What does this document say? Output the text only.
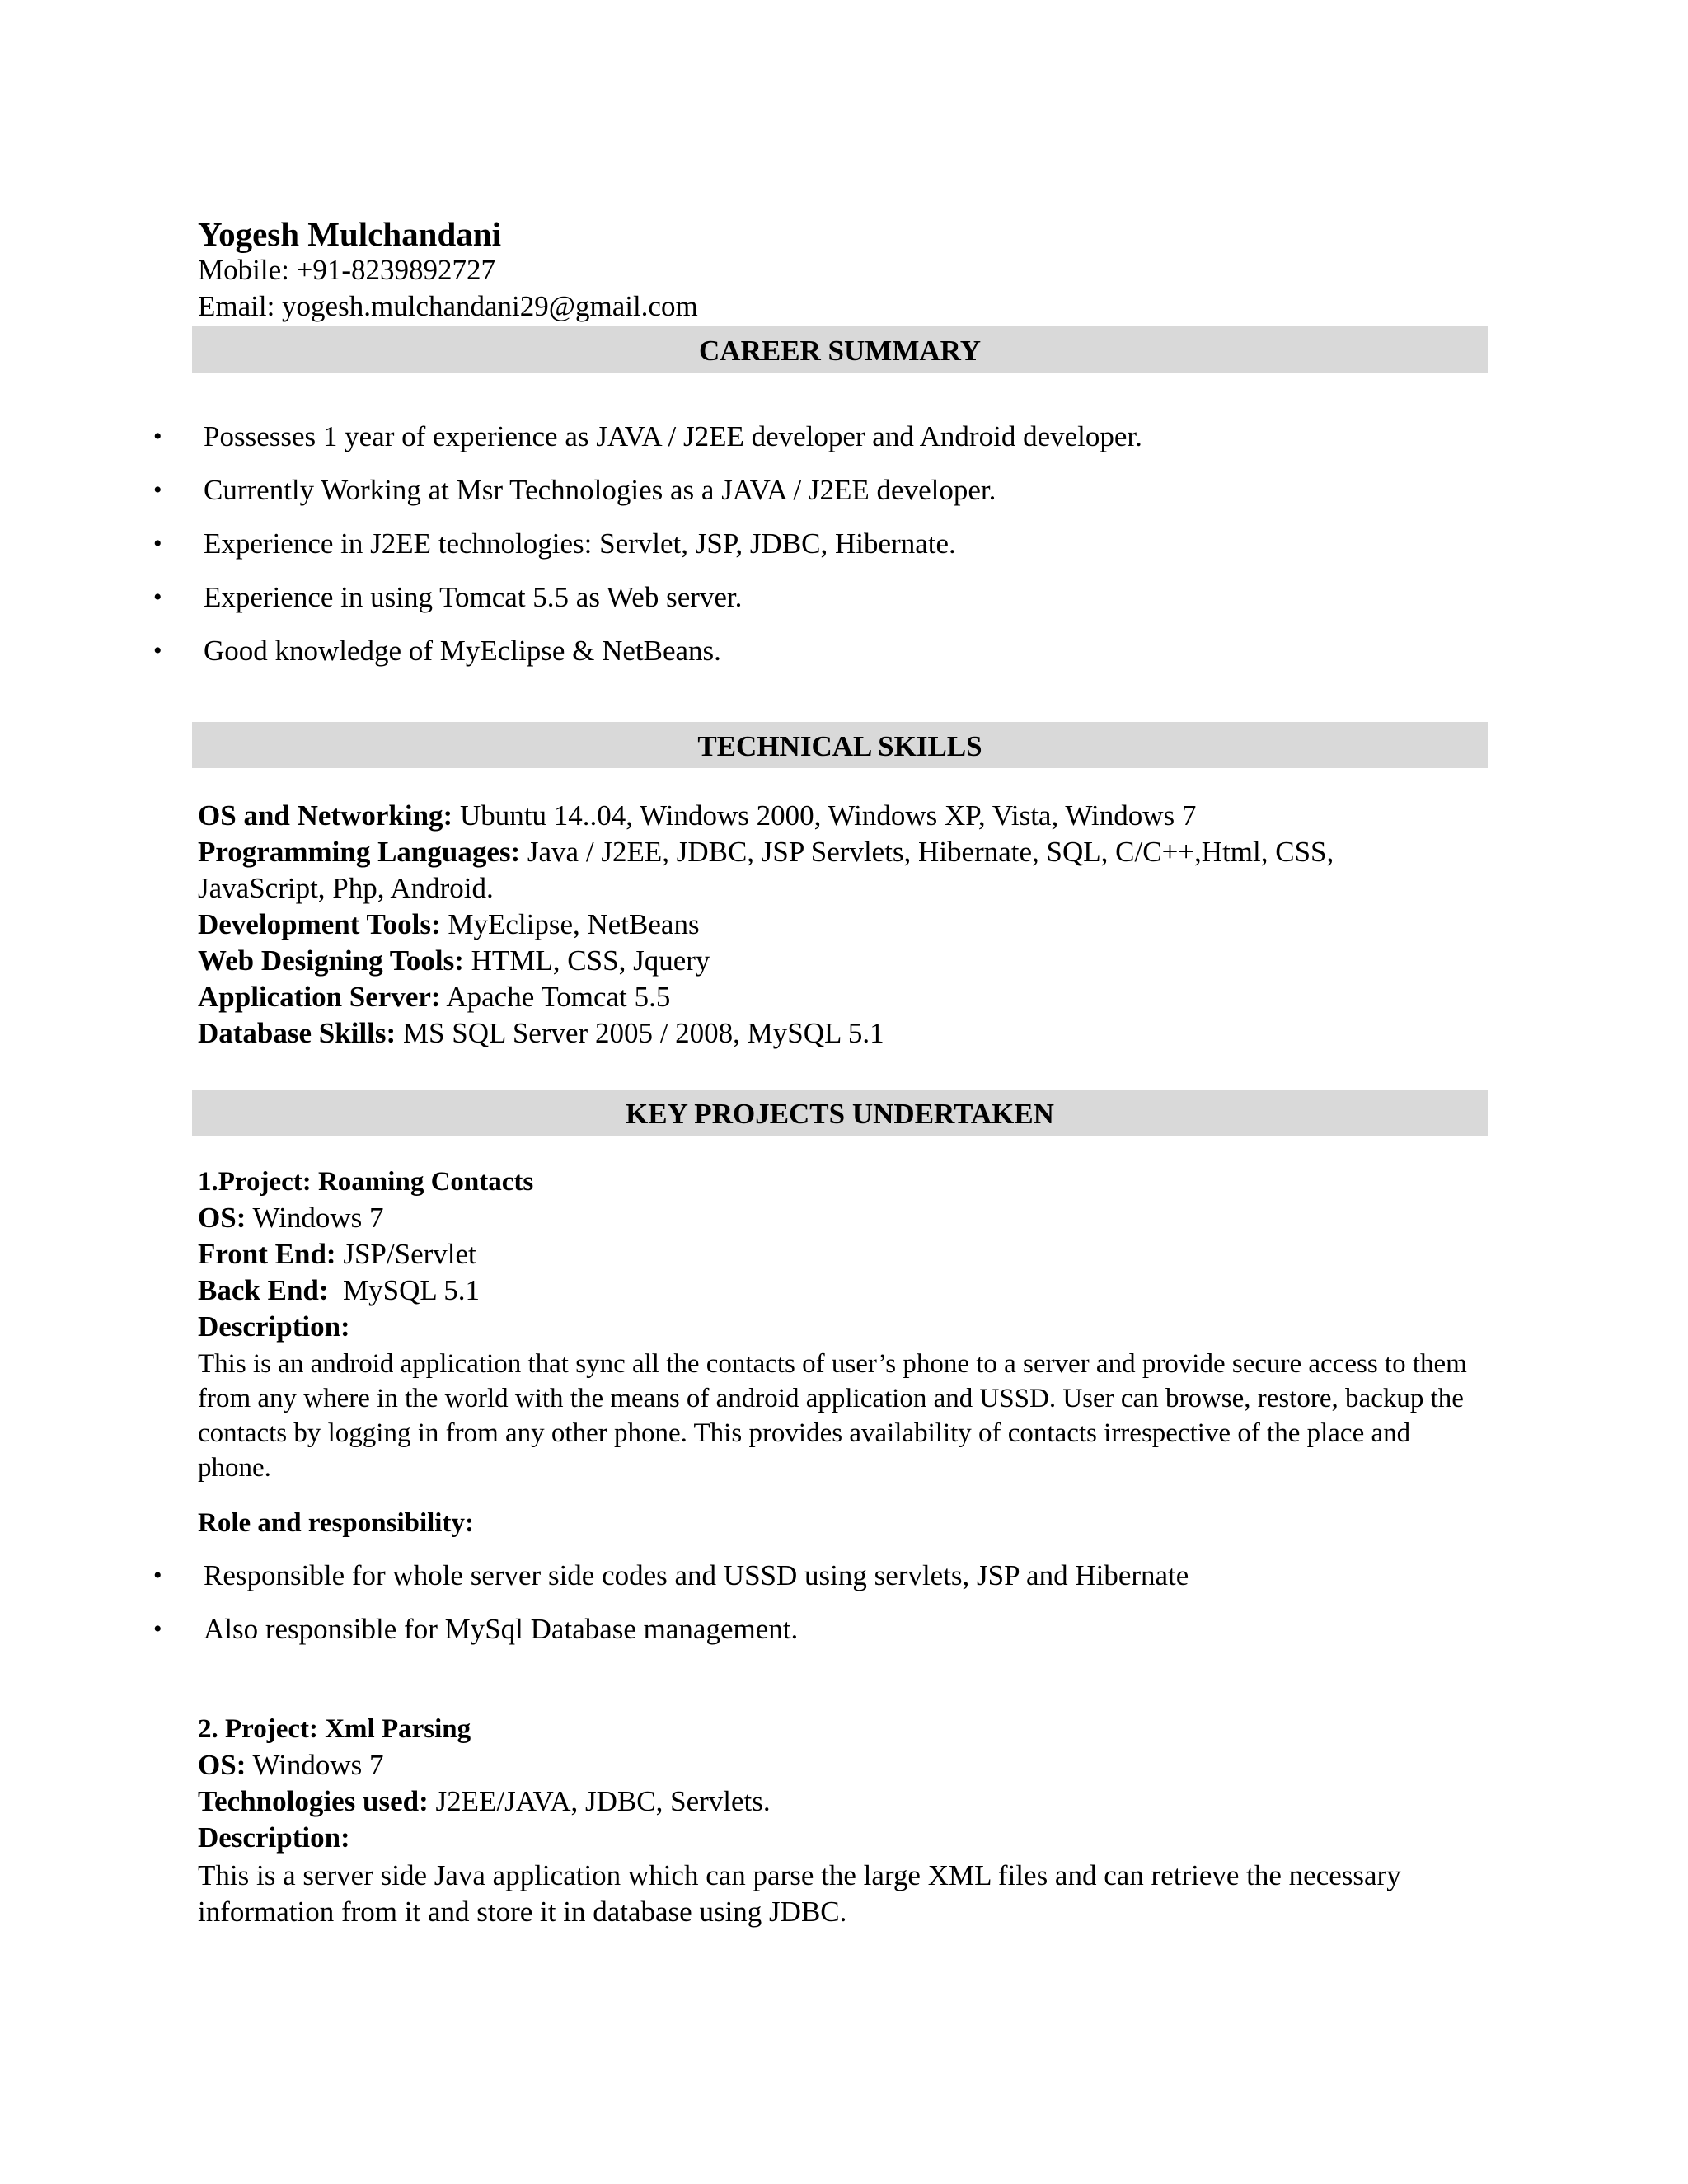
Yogesh Mulchandani
Mobile: +91-8239892727
Email: yogesh.mulchandani29@gmail.com
CAREER SUMMARY
• Possesses 1 year of experience as JAVA / J2EE developer and Android developer.
• Currently Working at Msr Technologies as a JAVA / J2EE developer.
• Experience in J2EE technologies: Servlet, JSP, JDBC, Hibernate.
• Experience in using Tomcat 5.5 as Web server.
• Good knowledge of MyEclipse & NetBeans.
TECHNICAL SKILLS
OS and Networking: Ubuntu 14..04, Windows 2000, Windows XP, Vista, Windows 7
Programming Languages: Java / J2EE, JDBC, JSP Servlets, Hibernate, SQL, C/C++,Html, CSS,
JavaScript, Php, Android.
Development Tools: MyEclipse, NetBeans
Web Designing Tools: HTML, CSS, Jquery
Application Server: Apache Tomcat 5.5
Database Skills: MS SQL Server 2005 / 2008, MySQL 5.1
KEY PROJECTS UNDERTAKEN
1.Project: Roaming Contacts
OS: Windows 7
Front End: JSP/Servlet
Back End:  MySQL 5.1
Description:
This is an android application that sync all the contacts of user’s phone to a server and provide secure access to them from any where in the world with the means of android application and USSD. User can browse, restore, backup the contacts by logging in from any other phone. This provides availability of contacts irrespective of the place and phone.
Role and responsibility:
• Responsible for whole server side codes and USSD using servlets, JSP and Hibernate
• Also responsible for MySql Database management.
2. Project: Xml Parsing
OS: Windows 7
Technologies used: J2EE/JAVA, JDBC, Servlets.
Description:
This is a server side Java application which can parse the large XML files and can retrieve the necessary information from it and store it in database using JDBC.
